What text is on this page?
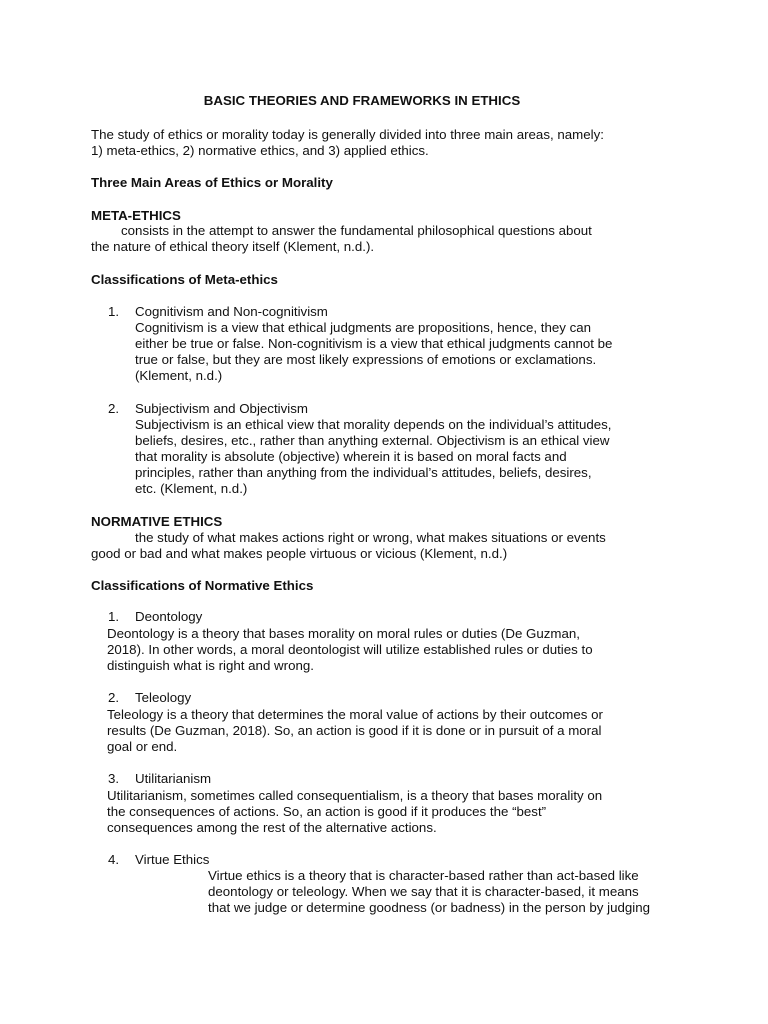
BASIC THEORIES AND FRAMEWORKS IN ETHICS
The study of ethics or morality today is generally divided into three main areas, namely:
1) meta-ethics, 2) normative ethics, and 3) applied ethics.
Three Main Areas of Ethics or Morality
META-ETHICS
consists in the attempt to answer the fundamental philosophical questions about
the nature of ethical theory itself (Klement, n.d.).
Classifications of Meta-ethics
1. Cognitivism and Non-cognitivism
Cognitivism is a view that ethical judgments are propositions, hence, they can
either be true or false. Non-cognitivism is a view that ethical judgments cannot be
true or false, but they are most likely expressions of emotions or exclamations.
(Klement, n.d.)
2. Subjectivism and Objectivism
Subjectivism is an ethical view that morality depends on the individual’s attitudes,
beliefs, desires, etc., rather than anything external. Objectivism is an ethical view
that morality is absolute (objective) wherein it is based on moral facts and
principles, rather than anything from the individual’s attitudes, beliefs, desires,
etc. (Klement, n.d.)
NORMATIVE ETHICS
the study of what makes actions right or wrong, what makes situations or events
good or bad and what makes people virtuous or vicious (Klement, n.d.)
Classifications of Normative Ethics
1. Deontology
Deontology is a theory that bases morality on moral rules or duties (De Guzman,
2018). In other words, a moral deontologist will utilize established rules or duties to
distinguish what is right and wrong.
2. Teleology
Teleology is a theory that determines the moral value of actions by their outcomes or
results (De Guzman, 2018). So, an action is good if it is done or in pursuit of a moral
goal or end.
3. Utilitarianism
Utilitarianism, sometimes called consequentialism, is a theory that bases morality on
the consequences of actions. So, an action is good if it produces the “best”
consequences among the rest of the alternative actions.
4. Virtue Ethics
Virtue ethics is a theory that is character-based rather than act-based like
deontology or teleology. When we say that it is character-based, it means
that we judge or determine goodness (or badness) in the person by judging
